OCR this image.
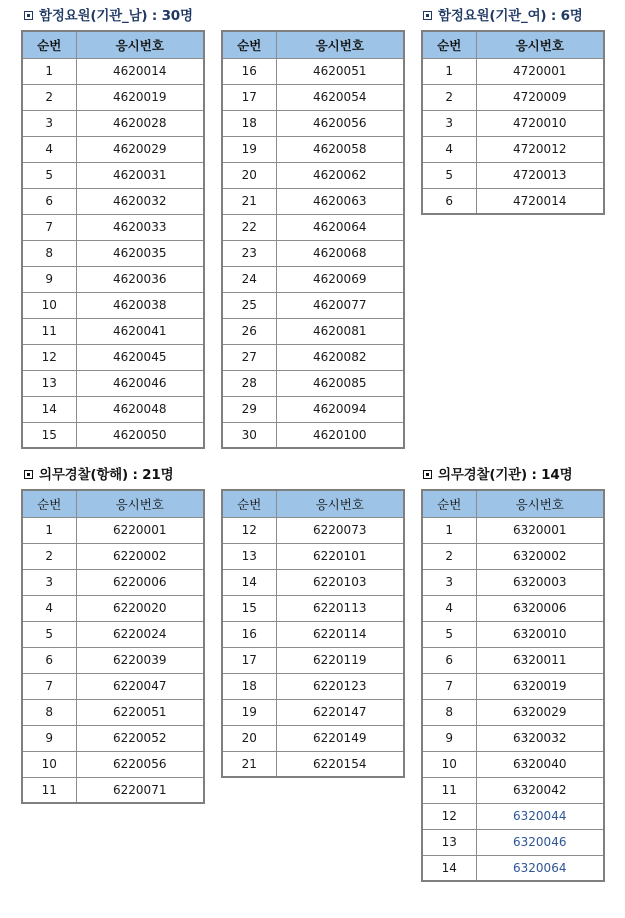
함정요원(기관_남) : 30명	함정요원(기관_여) : 6명
의무경찰(항해) : 21명	의무경찰(기관) : 14명
순번	응시번호
1	4620014
2	4620019
3	4620028
4	4620029
5	4620031
6	4620032
7	4620033
8	4620035
9	4620036
10	4620038
11	4620041
12	4620045
13	4620046
14	4620048
15	4620050
순번	응시번호
16	4620051
17	4620054
18	4620056
19	4620058
20	4620062
21	4620063
22	4620064
23	4620068
24	4620069
25	4620077
26	4620081
27	4620082
28	4620085
29	4620094
30	4620100
순번	응시번호
1	4720001
2	4720009
3	4720010
4	4720012
5	4720013
6	4720014
순번	응시번호
1	6220001
2	6220002
3	6220006
4	6220020
5	6220024
6	6220039
7	6220047
8	6220051
9	6220052
10	6220056
11	6220071
순번	응시번호
12	6220073
13	6220101
14	6220103
15	6220113
16	6220114
17	6220119
18	6220123
19	6220147
20	6220149
21	6220154
순번	응시번호
1	6320001
2	6320002
3	6320003
4	6320006
5	6320010
6	6320011
7	6320019
8	6320029
9	6320032
10	6320040
11	6320042
12	6320044
13	6320046
14	6320064
